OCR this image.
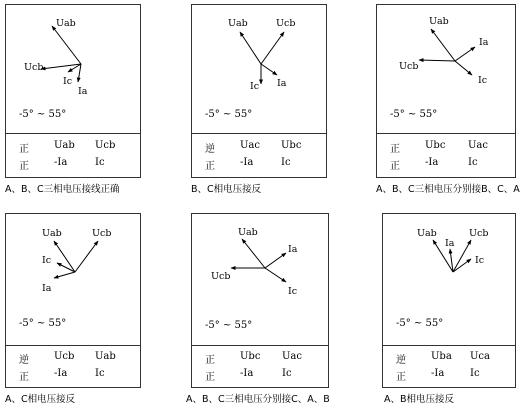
Uab
Ucb
Ic
Ia
-5° ~ 55°
正	Uab Ucb
正	-Ia	Ic
A、B、C三相电压接线正确
Uab	Ucb
Ic Ia
-5° ~ 55°
逆	Uac Ubc
正	-Ia	Ic
B、C相电压接反
Uab
Ia
Ucb
Ic
-5° ~ 55°
正	Ubc Uac
正	-Ia	Ic
A、B、C三相电压分别接B、C、A
Uab	Ucb
Ic
Ia
-5° ~ 55°
逆	Ucb Uab
正	-Ia	Ic
A、C相电压接反
Uab
Ia
Ucb
Ic
-5° ~ 55°
正	Ubc Uac
正	-Ia	Ic
A、B、C三相电压分别接C、A、B
Uab
Ia
Ucb
Ic
-5° ~ 55°
逆	Uba Uca
正	-Ia	Ic
A、B相电压接反
